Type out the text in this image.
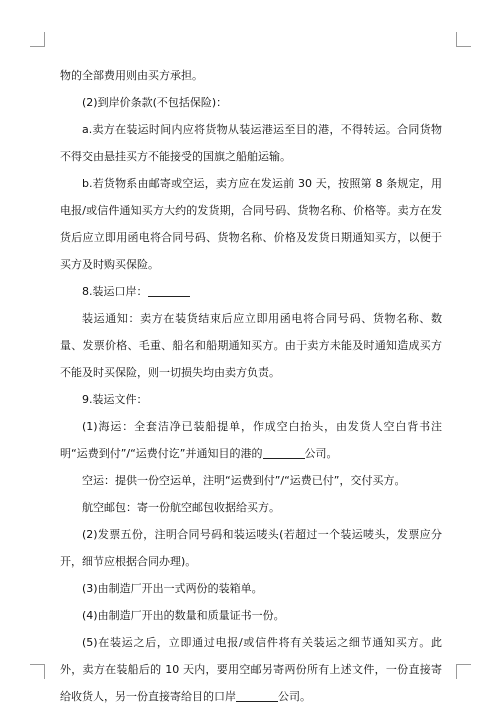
物的全部费用则由买方承担。

(2)到岸价条款(不包括保险)：

a.卖方在装运时间内应将货物从装运港运至目的港，不得转运。合同货物不得交由悬挂买方不能接受的国旗之船舶运输。

b.若货物系由邮寄或空运，卖方应在发运前 30 天，按照第 8 条规定，用电报/或信件通知买方大约的发货期，合同号码、货物名称、价格等。卖方在发货后应立即用函电将合同号码、货物名称、价格及发货日期通知买方，以便于买方及时购买保险。

8.装运口岸：

装运通知：卖方在装货结束后应立即用函电将合同号码、货物名称、数量、发票价格、毛重、船名和船期通知买方。由于卖方未能及时通知造成买方不能及时买保险，则一切损失均由卖方负责。

9.装运文件：

(1)海运：全套洁净已装船提单，作成空白抬头，由发货人空白背书注明“运费到付”/“运费付讫”并通知目的港的	公司。

空运：提供一份空运单，注明“运费到付”/“运费已付”，交付买方。

航空邮包：寄一份航空邮包收据给买方。

(2)发票五份，注明合同号码和装运唛头(若超过一个装运唛头，发票应分开，细节应根据合同办理)。

(3)由制造厂开出一式两份的装箱单。

(4)由制造厂开出的数量和质量证书一份。

(5)在装运之后，立即通过电报/或信件将有关装运之细节通知买方。此外，卖方在装船后的 10 天内，要用空邮另寄两份所有上述文件，一份直接寄给收货人，另一份直接寄给目的口岸	公司。
